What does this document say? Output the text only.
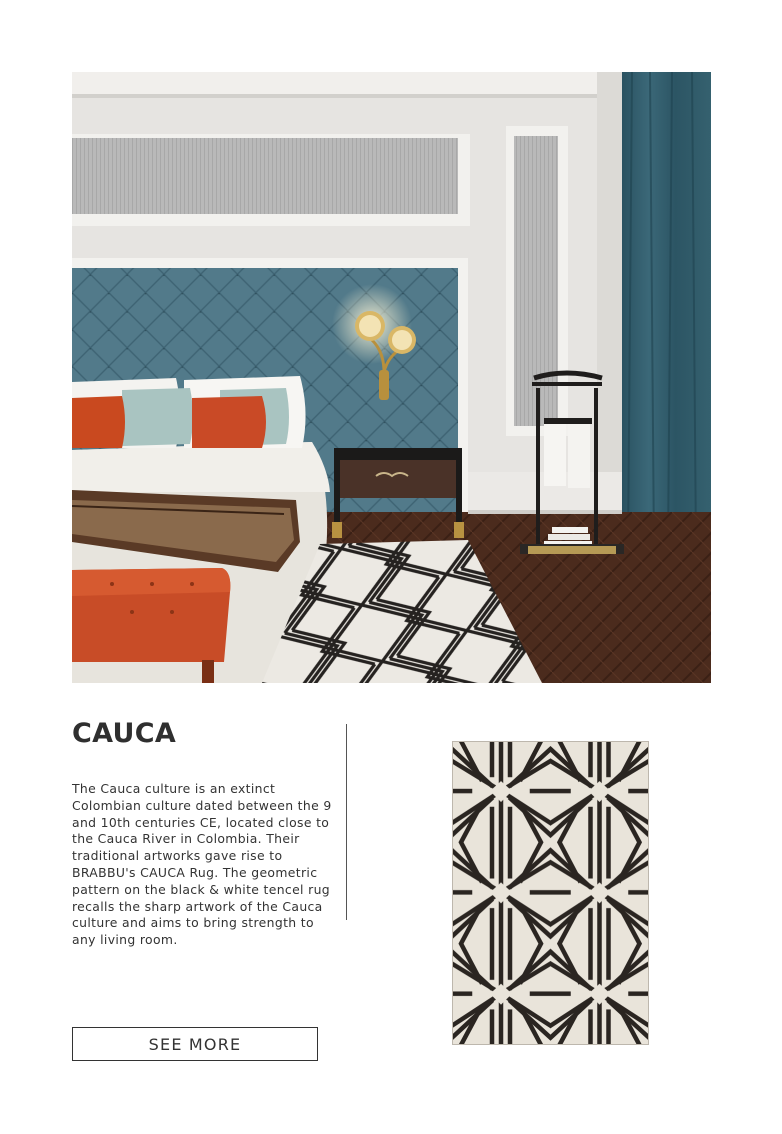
CAUCA

The Cauca culture is an extinct Colombian culture dated between the 9 and 10th centuries CE, located close to the Cauca River in Colombia. Their traditional artworks gave rise to BRABBU's CAUCA Rug. The geometric pattern on the black & white tencel rug recalls the sharp artwork of the Cauca culture and aims to bring strength to any living room.

SEE MORE
